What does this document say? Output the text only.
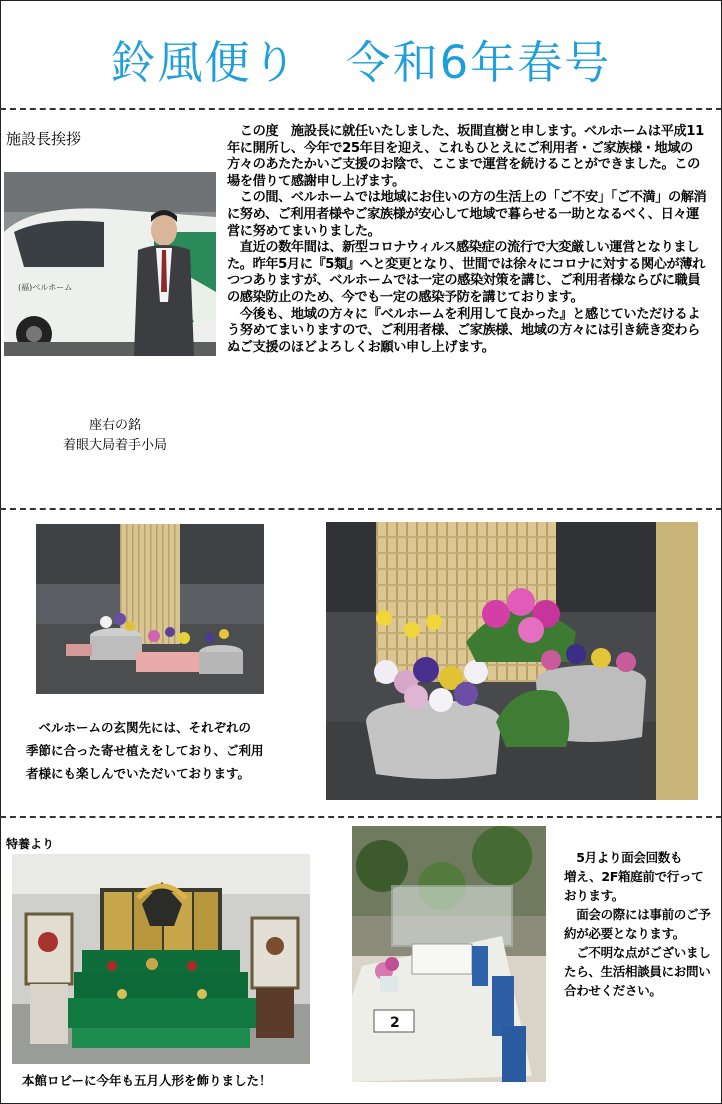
鈴風便り　令和6年春号
施設長挨拶
(福)ベルホーム

　この度　施設長に就任いたしました、坂間直樹と申します。ベルホームは平成11年に開所し、今年で25年目を迎え、これもひとえにご利用者・ご家族様・地域の方々のあたたかいご支援のお陰で、ここまで運営を続けることができました。この場を借りて感謝申し上げます。

　この間、ベルホームでは地域にお住いの方の生活上の「ご不安」「ご不満」の解消に努め、ご利用者様やご家族様が安心して地域で暮らせる一助となるべく、日々運営に努めてまいりました。

　直近の数年間は、新型コロナウィルス感染症の流行で大変厳しい運営となりました。昨年5月に『5類』へと変更となり、世間では徐々にコロナに対する関心が薄れつつありますが、ベルホームでは一定の感染対策を講じ、ご利用者様ならびに職員の感染防止のため、今でも一定の感染予防を講じております。

　今後も、地域の方々に『ベルホームを利用して良かった』と感じていただけるよう努めてまいりますので、ご利用者様、ご家族様、地域の方々には引き続き変わらぬご支援のほどよろしくお願い申し上げます。

座右の銘
着眼大局着手小局

　ベルホームの玄関先には、それぞれの

季節に合った寄せ植えをしており、ご利用

者様にも楽しんでいただいております。

特養より
本館ロビーに今年も五月人形を飾りました！
2

　5月より面会回数も

増え、2F箱庭前で行っております。

　面会の際には事前のご予約が必要となります。

　ご不明な点がございましたら、生活相談員にお問い合わせください。
